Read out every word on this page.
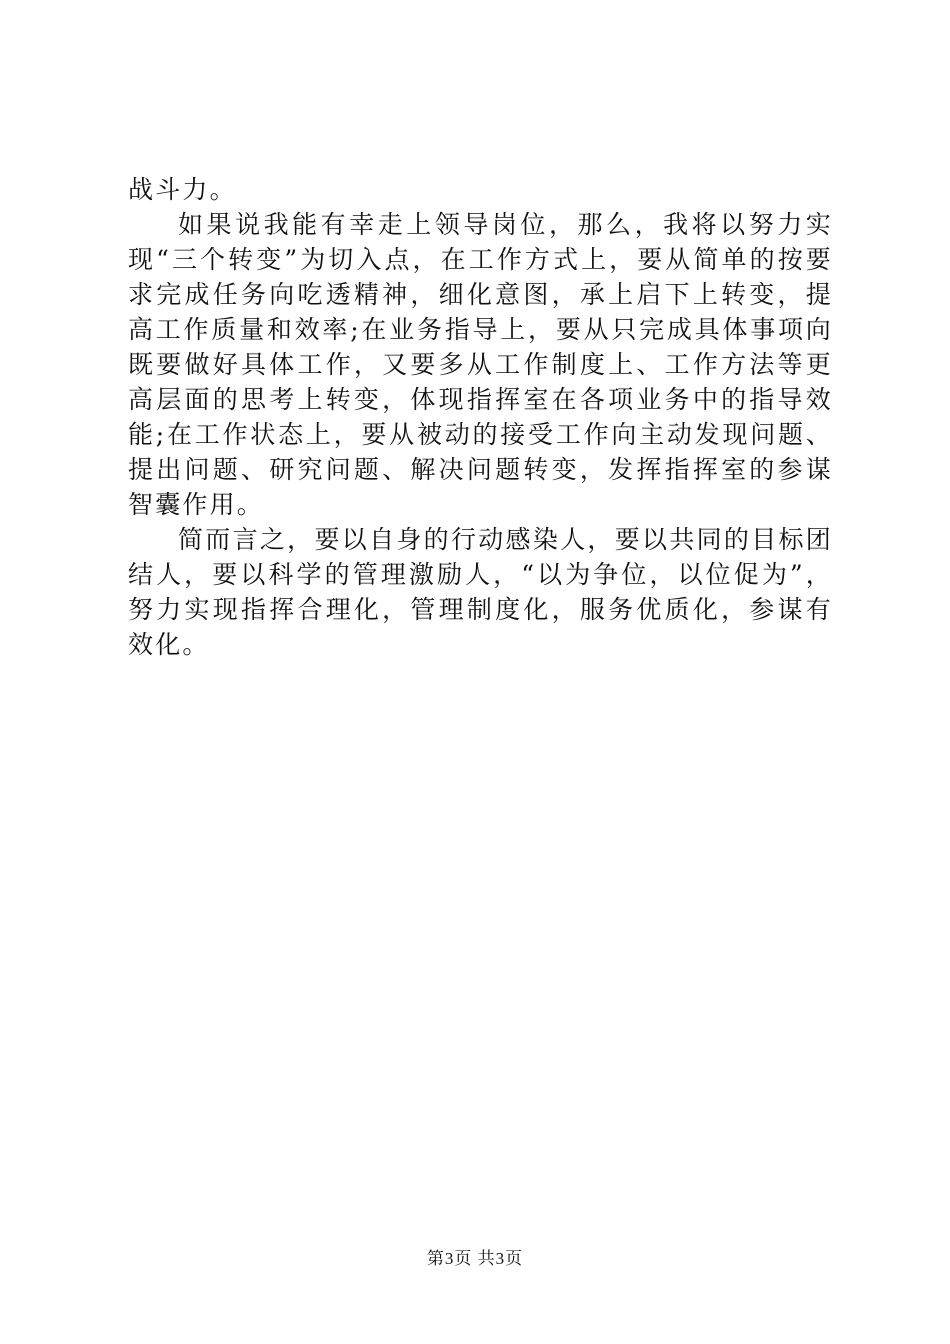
战斗力。

如果说我能有幸走上领导岗位，那么，我将以努力实现“三个转变”为切入点，在工作方式上，要从简单的按要求完成任务向吃透精神，细化意图，承上启下上转变，提高工作质量和效率;在业务指导上，要从只完成具体事项向既要做好具体工作，又要多从工作制度上、工作方法等更高层面的思考上转变，体现指挥室在各项业务中的指导效能;在工作状态上，要从被动的接受工作向主动发现问题、提出问题、研究问题、解决问题转变，发挥指挥室的参谋智囊作用。

简而言之，要以自身的行动感染人，要以共同的目标团结人，要以科学的管理激励人，“以为争位，以位促为”，努力实现指挥合理化，管理制度化，服务优质化，参谋有效化。

第3页 共3页
